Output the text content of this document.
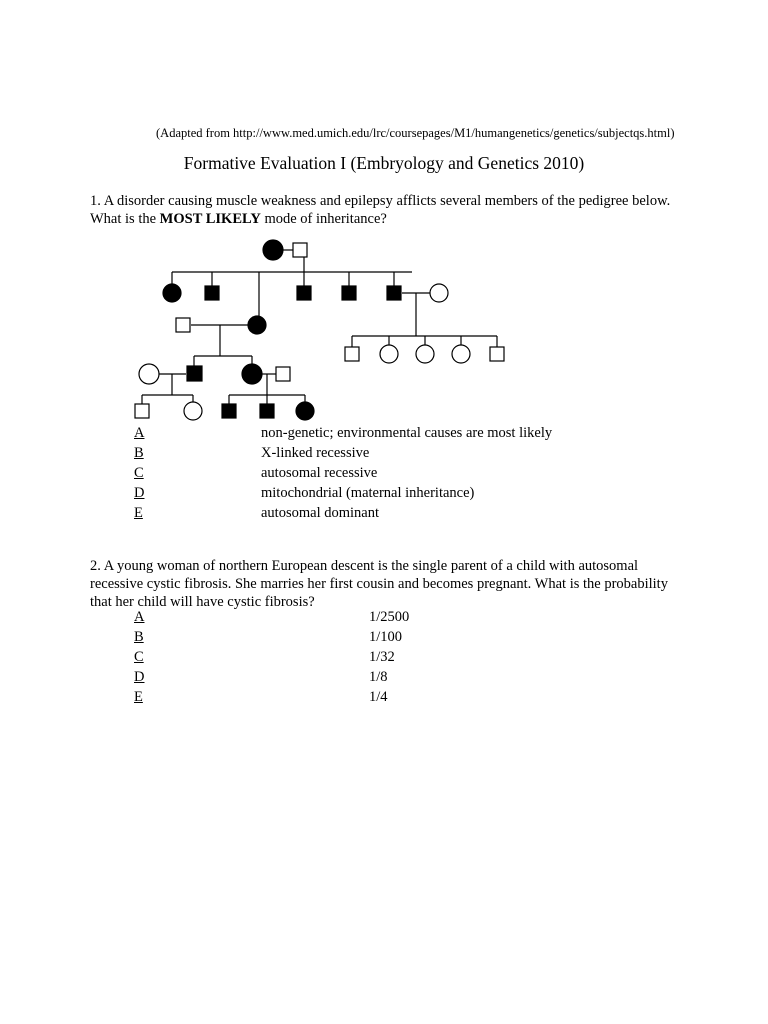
(Adapted from http://www.med.umich.edu/lrc/coursepages/M1/humangenetics/genetics/subjectqs.html)
Formative Evaluation I (Embryology and Genetics 2010)
1. A disorder causing muscle weakness and epilepsy afflicts several members of the pedigree below. What is the MOST LIKELY mode of inheritance?
A	non-genetic; environmental causes are most likely
B	X-linked recessive
C	autosomal recessive
D	mitochondrial (maternal inheritance)
E	autosomal dominant
2. A young woman of northern European descent is the single parent of a child with autosomal recessive cystic fibrosis. She marries her first cousin and becomes pregnant. What is the probability that her child will have cystic fibrosis?
A	1/2500
B	1/100
C	1/32
D	1/8
E	1/4
